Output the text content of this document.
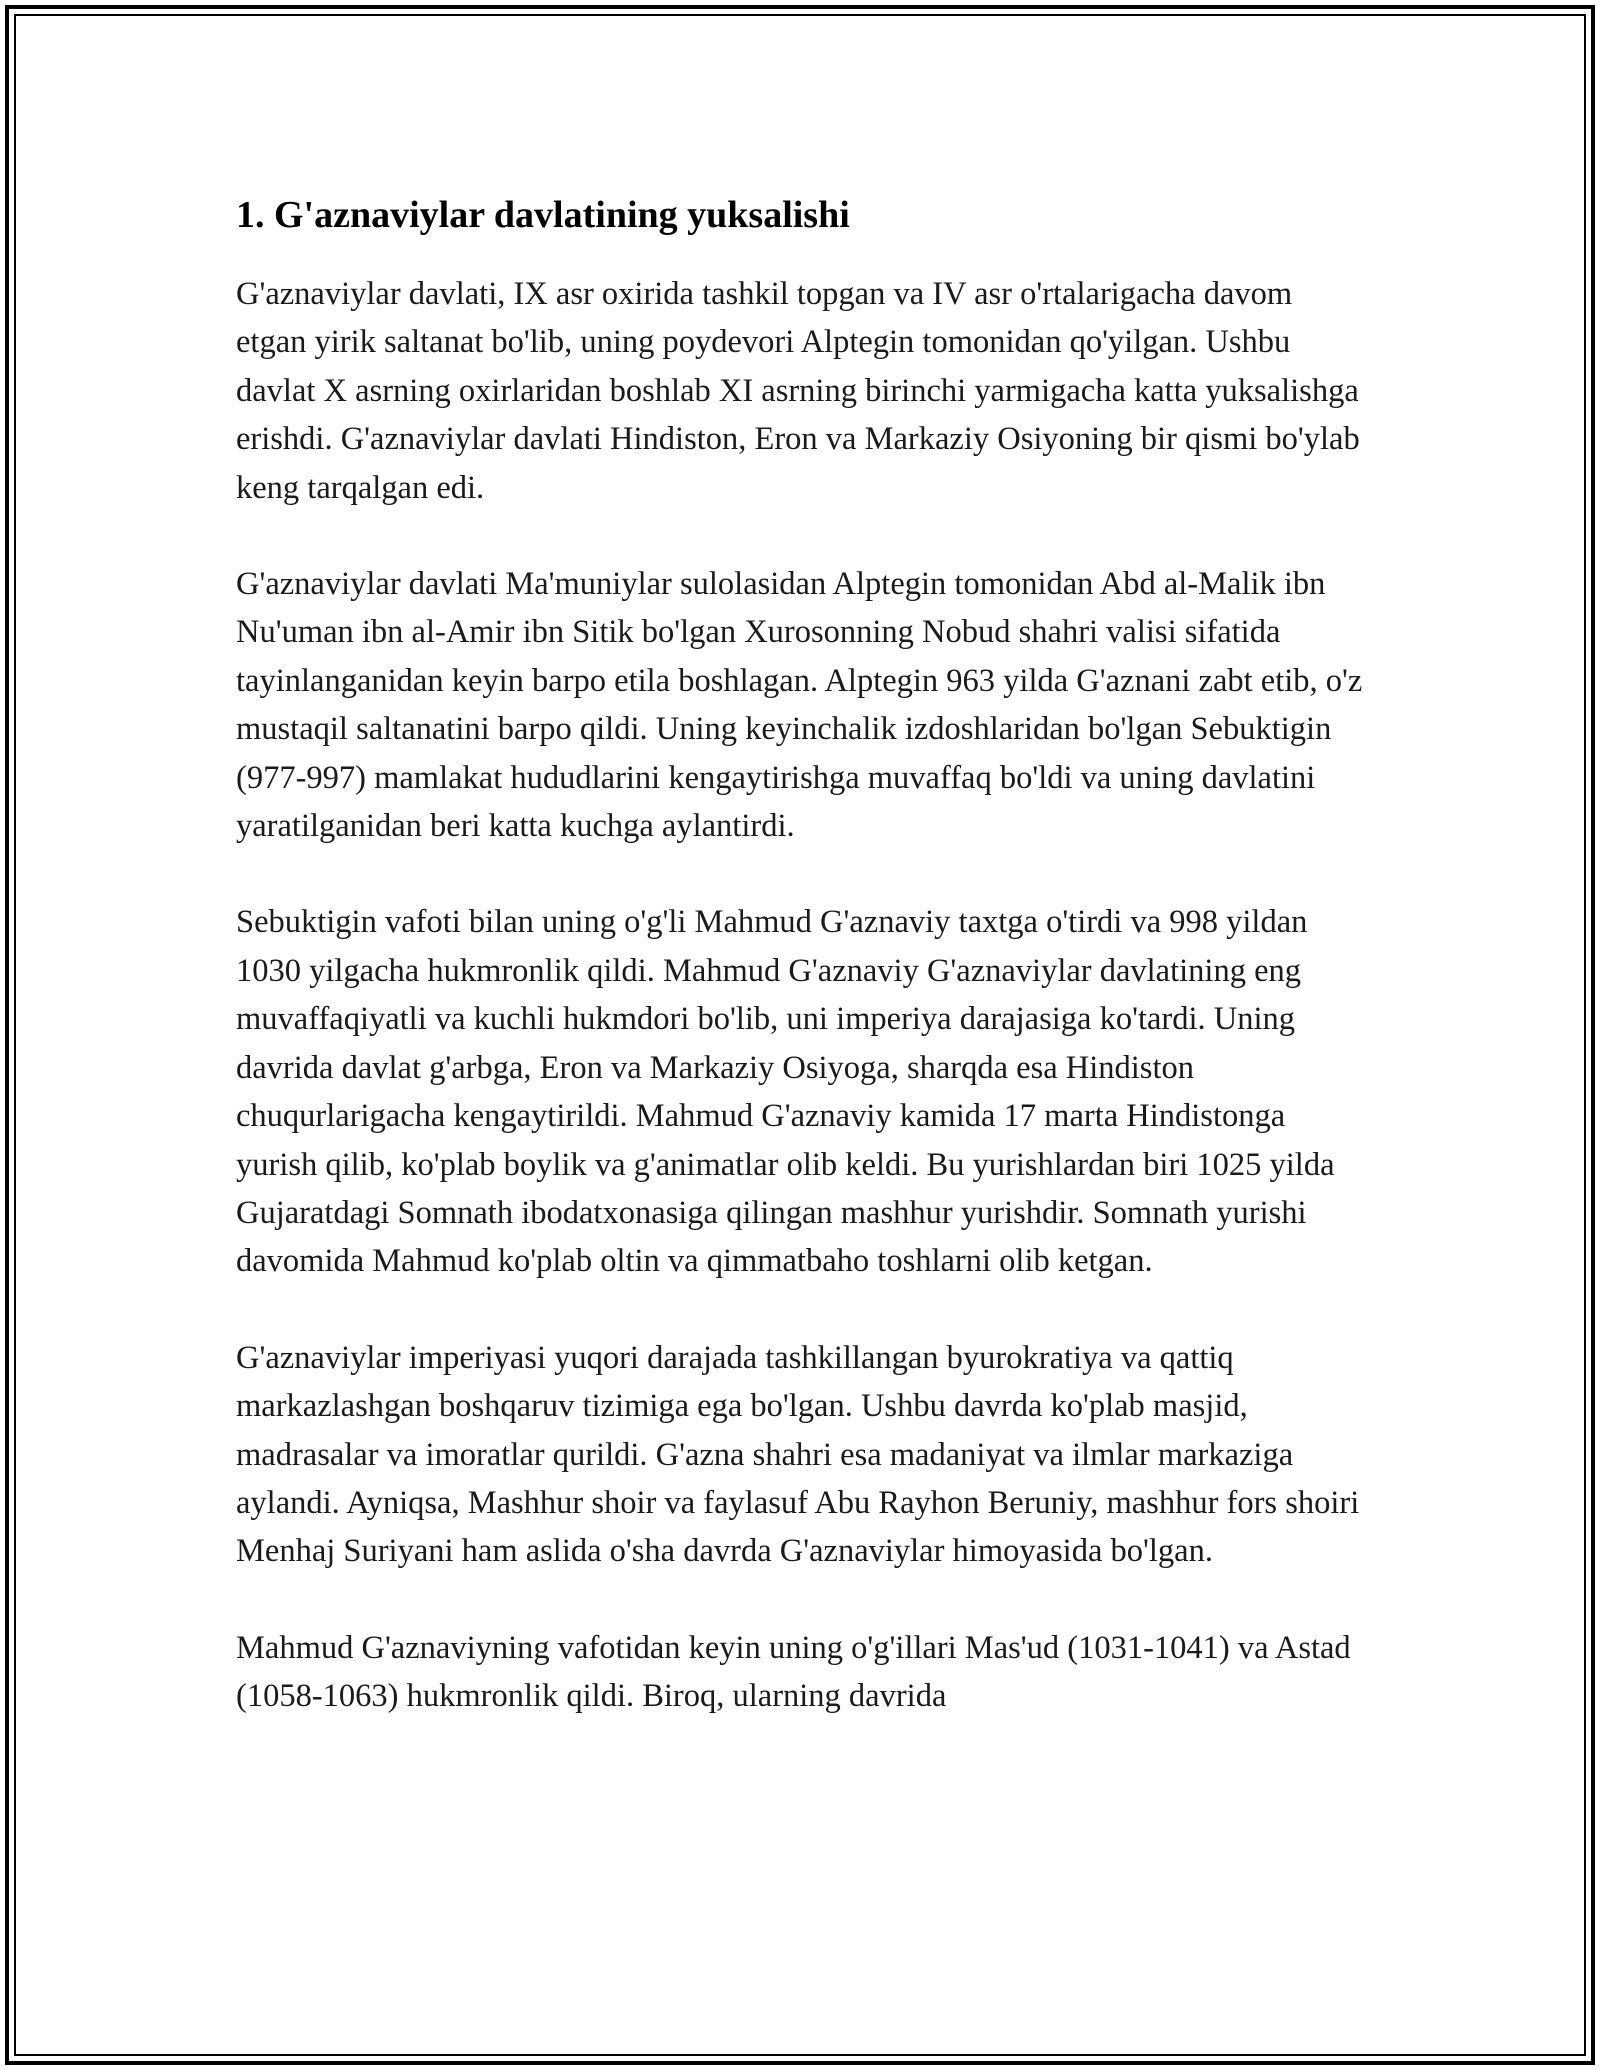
1. G'aznaviylar davlatining yuksalishi

G'aznaviylar davlati, IX asr oxirida tashkil topgan va IV asr o'rtalarigacha davom etgan yirik saltanat bo'lib, uning poydevori Alptegin tomonidan qo'yilgan. Ushbu davlat X asrning oxirlaridan boshlab XI asrning birinchi yarmigacha katta yuksalishga erishdi. G'aznaviylar davlati Hindiston, Eron va Markaziy Osiyoning bir qismi bo'ylab keng tarqalgan edi.

G'aznaviylar davlati Ma'muniylar sulolasidan Alptegin tomonidan Abd al-Malik ibn Nu'uman ibn al-Amir ibn Sitik bo'lgan Xurosonning Nobud shahri valisi sifatida tayinlanganidan keyin barpo etila boshlagan. Alptegin 963 yilda G'aznani zabt etib, o'z mustaqil saltanatini barpo qildi. Uning keyinchalik izdoshlaridan bo'lgan Sebuktigin (977-997) mamlakat hududlarini kengaytirishga muvaffaq bo'ldi va uning davlatini yaratilganidan beri katta kuchga aylantirdi.

Sebuktigin vafoti bilan uning o'g'li Mahmud G'aznaviy taxtga o'tirdi va 998 yildan 1030 yilgacha hukmronlik qildi. Mahmud G'aznaviy G'aznaviylar davlatining eng muvaffaqiyatli va kuchli hukmdori bo'lib, uni imperiya darajasiga ko'tardi. Uning davrida davlat g'arbga, Eron va Markaziy Osiyoga, sharqda esa Hindiston chuqurlarigacha kengaytirildi. Mahmud G'aznaviy kamida 17 marta Hindistonga yurish qilib, ko'plab boylik va g'animatlar olib keldi. Bu yurishlardan biri 1025 yilda Gujaratdagi Somnath ibodatxonasiga qilingan mashhur yurishdir. Somnath yurishi davomida Mahmud ko'plab oltin va qimmatbaho toshlarni olib ketgan.

G'aznaviylar imperiyasi yuqori darajada tashkillangan byurokratiya va qattiq markazlashgan boshqaruv tizimiga ega bo'lgan. Ushbu davrda ko'plab masjid, madrasalar va imoratlar qurildi. G'azna shahri esa madaniyat va ilmlar markaziga aylandi. Ayniqsa, Mashhur shoir va faylasuf Abu Rayhon Beruniy, mashhur fors shoiri Menhaj Suriyani ham aslida o'sha davrda G'aznaviylar himoyasida bo'lgan.

Mahmud G'aznaviyning vafotidan keyin uning o'g'illari Mas'ud (1031-1041) va Astad (1058-1063) hukmronlik qildi. Biroq, ularning davrida
